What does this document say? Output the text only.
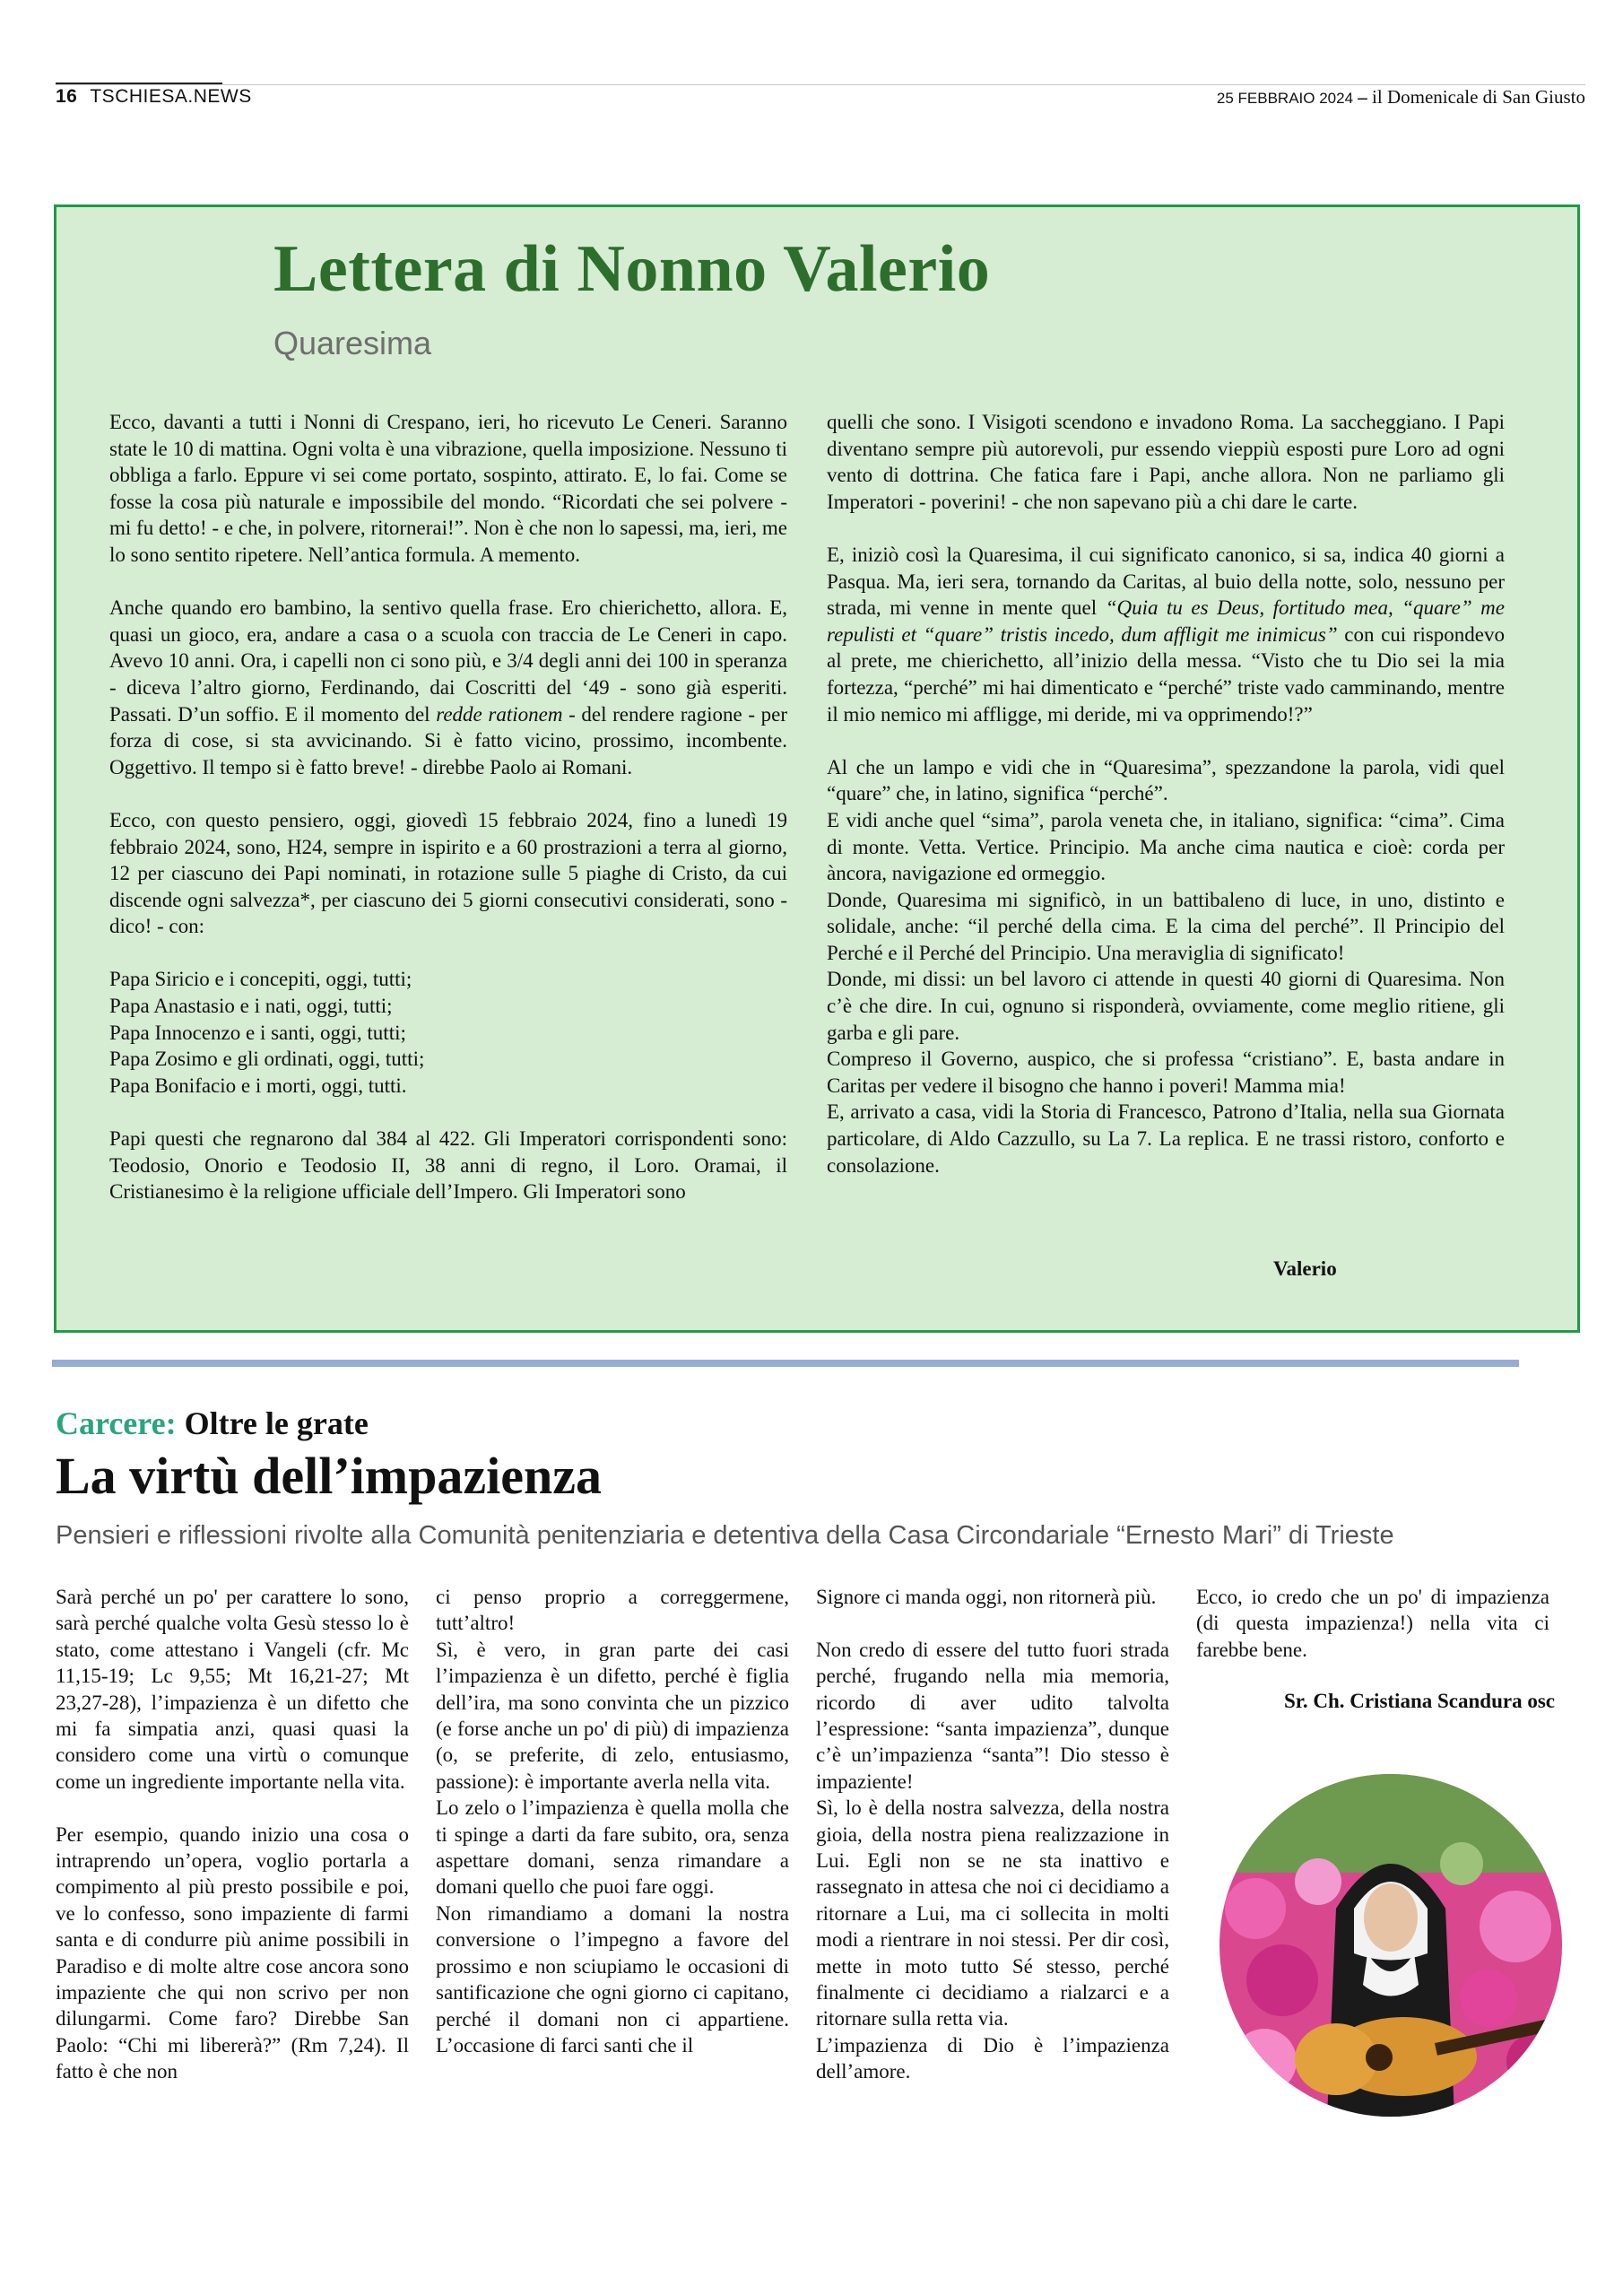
16 TSCHIESA.NEWS	25 FEBBRAIO 2024 – il Domenicale di San Giusto
Lettera di Nonno Valerio
Quaresima

Ecco, davanti a tutti i Nonni di Crespano, ieri, ho ricevuto Le Ceneri. Saranno state le 10 di mattina. Ogni volta è una vibrazione, quella imposizione. Nessuno ti obbliga a farlo. Eppure vi sei come portato, sospinto, attirato. E, lo fai. Come se fosse la cosa più naturale e impossibile del mondo. “Ricordati che sei polvere - mi fu detto! - e che, in polvere, ritornerai!”. Non è che non lo sapessi, ma, ieri, me lo sono sentito ripetere. Nell’antica formula. A memento.

Anche quando ero bambino, la sentivo quella frase. Ero chierichetto, allora. E, quasi un gioco, era, andare a casa o a scuola con traccia de Le Ceneri in capo. Avevo 10 anni. Ora, i capelli non ci sono più, e 3/4 degli anni dei 100 in speranza - diceva l’altro giorno, Ferdinando, dai Coscritti del ‘49 - sono già esperiti. Passati. D’un soffio. E il momento del redde rationem - del rendere ragione - per forza di cose, si sta avvicinando. Si è fatto vicino, prossimo, incombente. Oggettivo. Il tempo si è fatto breve! - direbbe Paolo ai Romani.

Ecco, con questo pensiero, oggi, giovedì 15 febbraio 2024, fino a lunedì 19 febbraio 2024, sono, H24, sempre in ispirito e a 60 prostrazioni a terra al giorno, 12 per ciascuno dei Papi nominati, in rotazione sulle 5 piaghe di Cristo, da cui discende ogni salvezza*, per ciascuno dei 5 giorni consecutivi considerati, sono - dico! - con:

Papa Siricio e i concepiti, oggi, tutti;
Papa Anastasio e i nati, oggi, tutti;
Papa Innocenzo e i santi, oggi, tutti;
Papa Zosimo e gli ordinati, oggi, tutti;
Papa Bonifacio e i morti, oggi, tutti.

Papi questi che regnarono dal 384 al 422. Gli Imperatori corrispondenti sono: Teodosio, Onorio e Teodosio II, 38 anni di regno, il Loro. Oramai, il Cristianesimo è la religione ufficiale dell’Impero. Gli Imperatori sono

quelli che sono. I Visigoti scendono e invadono Roma. La saccheggiano. I Papi diventano sempre più autorevoli, pur essendo vieppiù esposti pure Loro ad ogni vento di dottrina. Che fatica fare i Papi, anche allora. Non ne parliamo gli Imperatori - poverini! - che non sapevano più a chi dare le carte.

E, iniziò così la Quaresima, il cui significato canonico, si sa, indica 40 giorni a Pasqua. Ma, ieri sera, tornando da Caritas, al buio della notte, solo, nessuno per strada, mi venne in mente quel “Quia tu es Deus, fortitudo mea, “quare” me repulisti et “quare” tristis incedo, dum affligit me inimicus” con cui rispondevo al prete, me chierichetto, all’inizio della messa. “Visto che tu Dio sei la mia fortezza, “perché” mi hai dimenticato e “perché” triste vado camminando, mentre il mio nemico mi affligge, mi deride, mi va opprimendo!?”

Al che un lampo e vidi che in “Quaresima”, spezzandone la parola, vidi quel “quare” che, in latino, significa “perché”.
E vidi anche quel “sima”, parola veneta che, in italiano, significa: “cima”. Cima di monte. Vetta. Vertice. Principio. Ma anche cima nautica e cioè: corda per àncora, navigazione ed ormeggio.
Donde, Quaresima mi significò, in un battibaleno di luce, in uno, distinto e solidale, anche: “il perché della cima. E la cima del perché”. Il Principio del Perché e il Perché del Principio. Una meraviglia di significato!
Donde, mi dissi: un bel lavoro ci attende in questi 40 giorni di Quaresima. Non c’è che dire. In cui, ognuno si risponderà, ovviamente, come meglio ritiene, gli garba e gli pare.
Compreso il Governo, auspico, che si professa “cristiano”. E, basta andare in Caritas per vedere il bisogno che hanno i poveri! Mamma mia!
E, arrivato a casa, vidi la Storia di Francesco, Patrono d’Italia, nella sua Giornata particolare, di Aldo Cazzullo, su La 7. La replica. E ne trassi ristoro, conforto e consolazione.

Valerio
Carcere: Oltre le grate
La virtù dell’impazienza
Pensieri e riflessioni rivolte alla Comunità penitenziaria e detentiva della Casa Circondariale “Ernesto Mari” di Trieste

Sarà perché un po' per carattere lo sono, sarà perché qualche volta Gesù stesso lo è stato, come attestano i Vangeli (cfr. Mc 11,15-19; Lc 9,55; Mt 16,21-27; Mt 23,27-28), l’impazienza è un difetto che mi fa simpatia anzi, quasi quasi la considero come una virtù o comunque come un ingrediente importante nella vita.

Per esempio, quando inizio una cosa o intraprendo un’opera, voglio portarla a compimento al più presto possibile e poi, ve lo confesso, sono impaziente di farmi santa e di condurre più anime possibili in Paradiso e di molte altre cose ancora sono impaziente che qui non scrivo per non dilungarmi. Come faro? Direbbe San Paolo: “Chi mi libererà?” (Rm 7,24). Il fatto è che non

ci penso proprio a correggermene, tutt’altro!
Sì, è vero, in gran parte dei casi l’impazienza è un difetto, perché è figlia dell’ira, ma sono convinta che un pizzico (e forse anche un po' di più) di impazienza (o, se preferite, di zelo, entusiasmo, passione): è importante averla nella vita.
Lo zelo o l’impazienza è quella molla che ti spinge a darti da fare subito, ora, senza aspettare domani, senza rimandare a domani quello che puoi fare oggi.
Non rimandiamo a domani la nostra conversione o l’impegno a favore del prossimo e non sciupiamo le occasioni di santificazione che ogni giorno ci capitano, perché il domani non ci appartiene. L’occasione di farci santi che il

Signore ci manda oggi, non ritornerà più.

Non credo di essere del tutto fuori strada perché, frugando nella mia memoria, ricordo di aver udito talvolta l’espressione: “santa impazienza”, dunque c’è un’impazienza “santa”! Dio stesso è impaziente!
Sì, lo è della nostra salvezza, della nostra gioia, della nostra piena realizzazione in Lui. Egli non se ne sta inattivo e rassegnato in attesa che noi ci decidiamo a ritornare a Lui, ma ci sollecita in molti modi a rientrare in noi stessi. Per dir così, mette in moto tutto Sé stesso, perché finalmente ci decidiamo a rialzarci e a ritornare sulla retta via.
L’impazienza di Dio è l’impazienza dell’amore.

Ecco, io credo che un po' di impazienza (di questa impazienza!) nella vita ci farebbe bene.

Sr. Ch. Cristiana Scandura osc
